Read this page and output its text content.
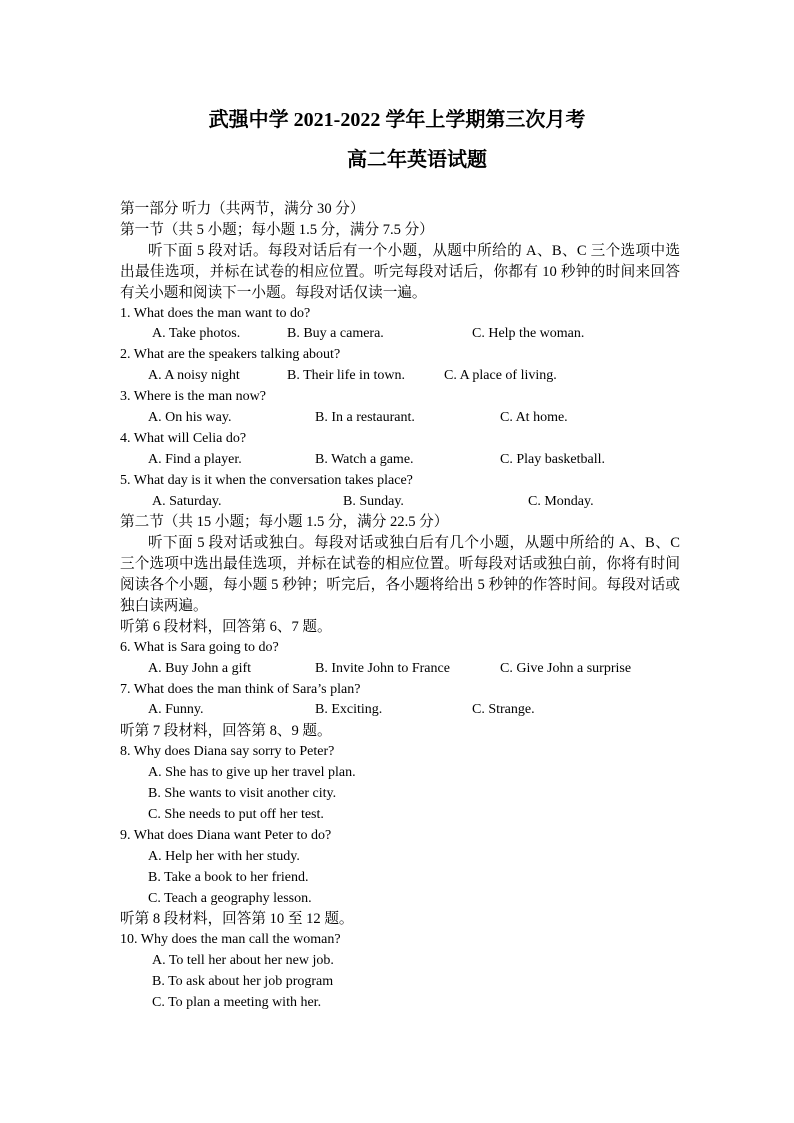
武强中学 2021-2022 学年上学期第三次月考
高二年英语试题
第一部分 听力（共两节，满分 30 分）
第一节（共 5 小题；每小题 1.5 分，满分 7.5 分）
听下面 5 段对话。每段对话后有一个小题，从题中所给的 A、B、C 三个选项中选出最佳选项，并标在试卷的相应位置。听完每段对话后，你都有 10 秒钟的时间来回答有关小题和阅读下一小题。每段对话仅读一遍。
1. What does the man want to do?
A. Take photos.	B. Buy a camera.	C. Help the woman.
2. What are the speakers talking about?
A. A noisy night	B. Their life in town.	C. A place of living.
3. Where is the man now?
A. On his way.	B. In a restaurant.	C. At home.
4. What will Celia do?
A. Find a player.	B. Watch a game.	C. Play basketball.
5. What day is it when the conversation takes place?
A. Saturday.	B. Sunday.	C. Monday.
第二节（共 15 小题；每小题 1.5 分，满分 22.5 分）
听下面 5 段对话或独白。每段对话或独白后有几个小题，从题中所给的 A、B、C 三个选项中选出最佳选项，并标在试卷的相应位置。听每段对话或独白前，你将有时间阅读各个小题，每小题 5 秒钟；听完后，各小题将给出 5 秒钟的作答时间。每段对话或独白读两遍。
听第 6 段材料，回答第 6、7 题。
6. What is Sara going to do?
A. Buy John a gift	B. Invite John to France	C. Give John a surprise
7. What does the man think of Sara’s plan?
A. Funny.	B. Exciting.	C. Strange.
听第 7 段材料，回答第 8、9 题。
8. Why does Diana say sorry to Peter?
A. She has to give up her travel plan.
B. She wants to visit another city.
C. She needs to put off her test.
9. What does Diana want Peter to do?
A. Help her with her study.
B. Take a book to her friend.
C. Teach a geography lesson.
听第 8 段材料，回答第 10 至 12 题。
10. Why does the man call the woman?
A. To tell her about her new job.
B. To ask about her job program
C. To plan a meeting with her.
